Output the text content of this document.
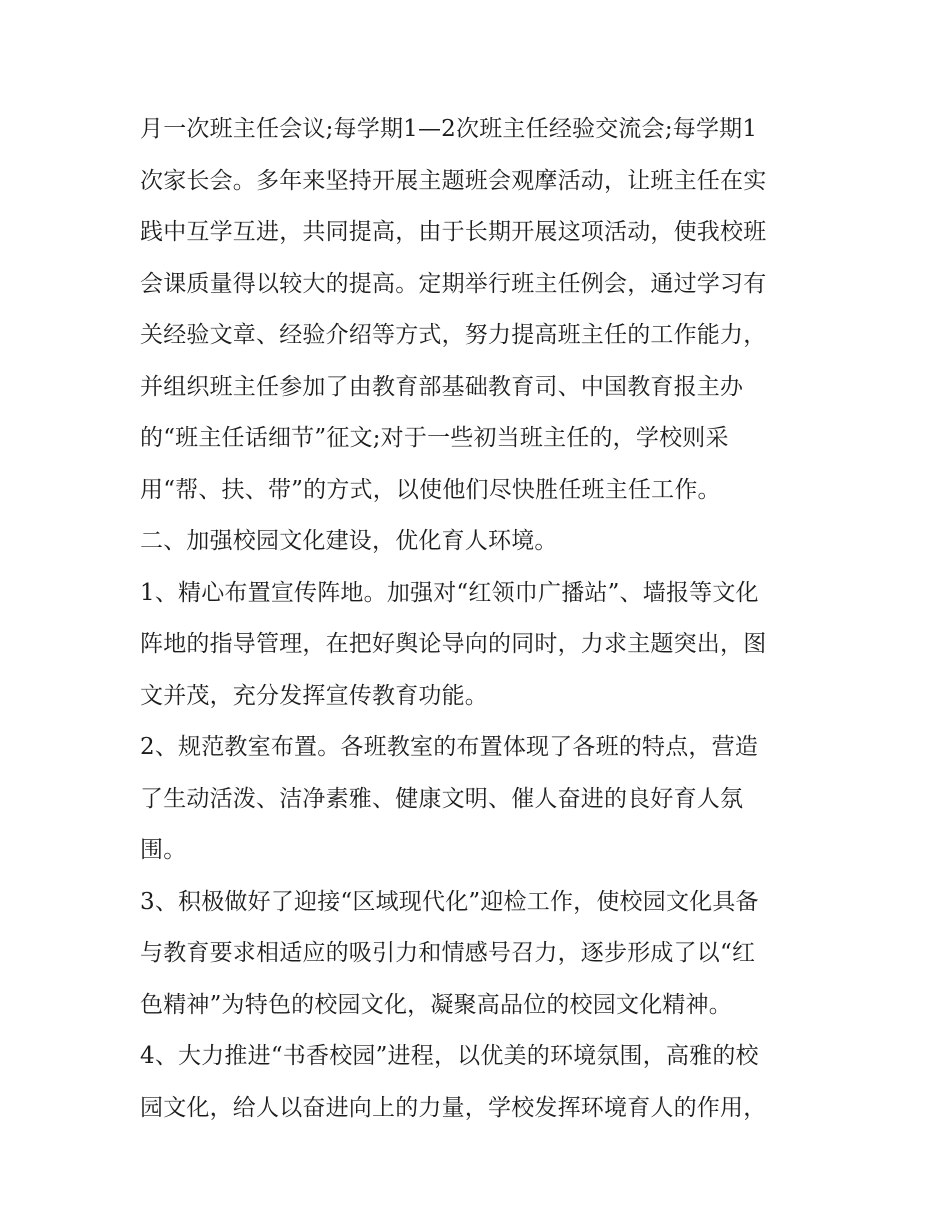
月一次班主任会议;每学期1—2次班主任经验交流会;每学期1
次家长会。多年来坚持开展主题班会观摩活动，让班主任在实
践中互学互进，共同提高，由于长期开展这项活动，使我校班
会课质量得以较大的提高。定期举行班主任例会，通过学习有
关经验文章、经验介绍等方式，努力提高班主任的工作能力，
并组织班主任参加了由教育部基础教育司、中国教育报主办
的“班主任话细节”征文;对于一些初当班主任的，学校则采
用“帮、扶、带”的方式，以使他们尽快胜任班主任工作。
二、加强校园文化建设，优化育人环境。
1、精心布置宣传阵地。加强对“红领巾广播站”、墙报等文化
阵地的指导管理，在把好舆论导向的同时，力求主题突出，图
文并茂，充分发挥宣传教育功能。
2、规范教室布置。各班教室的布置体现了各班的特点，营造
了生动活泼、洁净素雅、健康文明、催人奋进的良好育人氛
围。
3、积极做好了迎接“区域现代化”迎检工作，使校园文化具备
与教育要求相适应的吸引力和情感号召力，逐步形成了以“红
色精神”为特色的校园文化，凝聚高品位的校园文化精神。
4、大力推进“书香校园”进程，以优美的环境氛围，高雅的校
园文化，给人以奋进向上的力量，学校发挥环境育人的作用，
